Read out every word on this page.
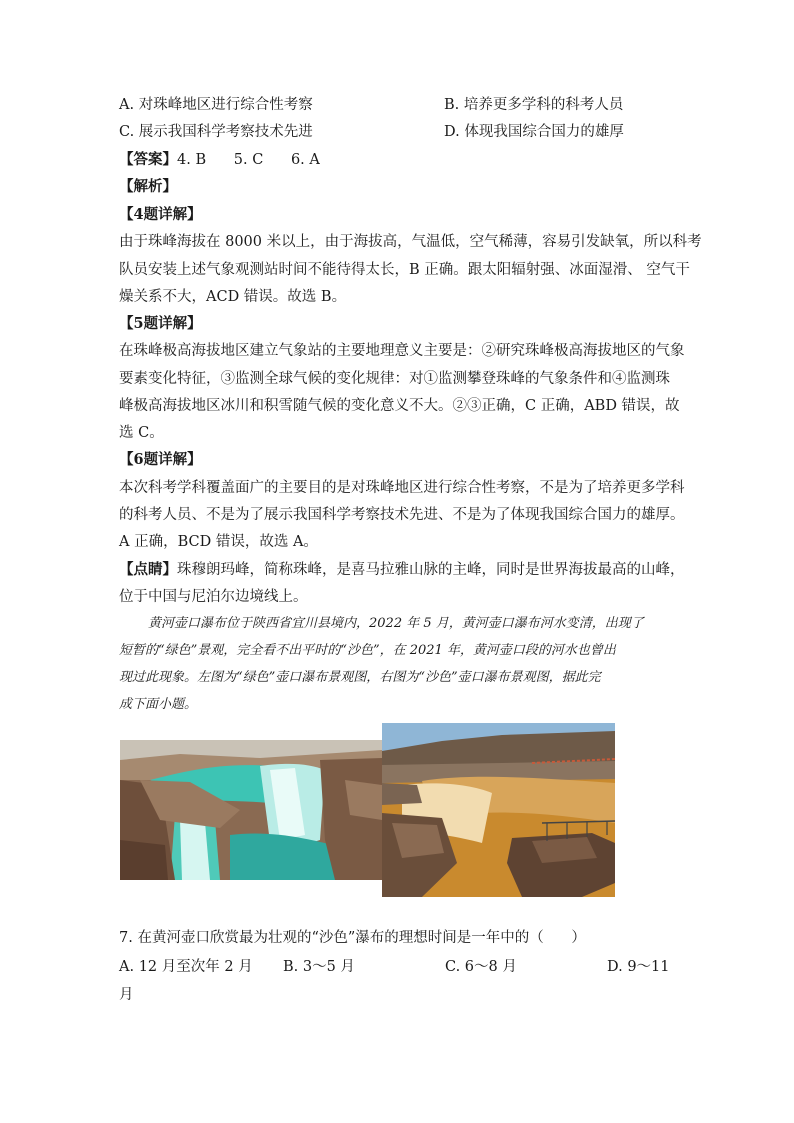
A. 对珠峰地区进行综合性考察	B. 培养更多学科的科考人员
C. 展示我国科学考察技术先进	D. 体现我国综合国力的雄厚
【答案】4. B      5. C      6. A
【解析】
【4题详解】
由于珠峰海拔在 8000 米以上，由于海拔高，气温低，空气稀薄，容易引发缺氧，所以科考
队员安装上述气象观测站时间不能待得太长，B 正确。跟太阳辐射强、冰面湿滑、 空气干
燥关系不大，ACD 错误。故选 B。
【5题详解】
在珠峰极高海拔地区建立气象站的主要地理意义主要是：②研究珠峰极高海拔地区的气象
要素变化特征，③监测全球气候的变化规律：对①监测攀登珠峰的气象条件和④监测珠
峰极高海拔地区冰川和积雪随气候的变化意义不大。②③正确，C 正确，ABD 错误，故
选 C。
【6题详解】
本次科考学科覆盖面广的主要目的是对珠峰地区进行综合性考察，不是为了培养更多学科
的科考人员、不是为了展示我国科学考察技术先进、不是为了体现我国综合国力的雄厚。
A 正确，BCD 错误，故选 A。
【点睛】珠穆朗玛峰，简称珠峰，是喜马拉雅山脉的主峰，同时是世界海拔最高的山峰，
位于中国与尼泊尔边境线上。
黄河壶口瀑布位于陕西省宜川县境内，2022 年 5 月，黄河壶口瀑布河水变清，出现了
短暂的“绿色”景观，完全看不出平时的“沙色”，在 2021 年，黄河壶口段的河水也曾出
现过此现象。左图为“绿色”壶口瀑布景观图，右图为“沙色”壶口瀑布景观图，据此完
成下面小题。
7. 在黄河壶口欣赏最为壮观的“沙色”瀑布的理想时间是一年中的（      ）
A. 12 月至次年 2 月 B. 3～5 月	C. 6～8 月	D. 9～11
月
